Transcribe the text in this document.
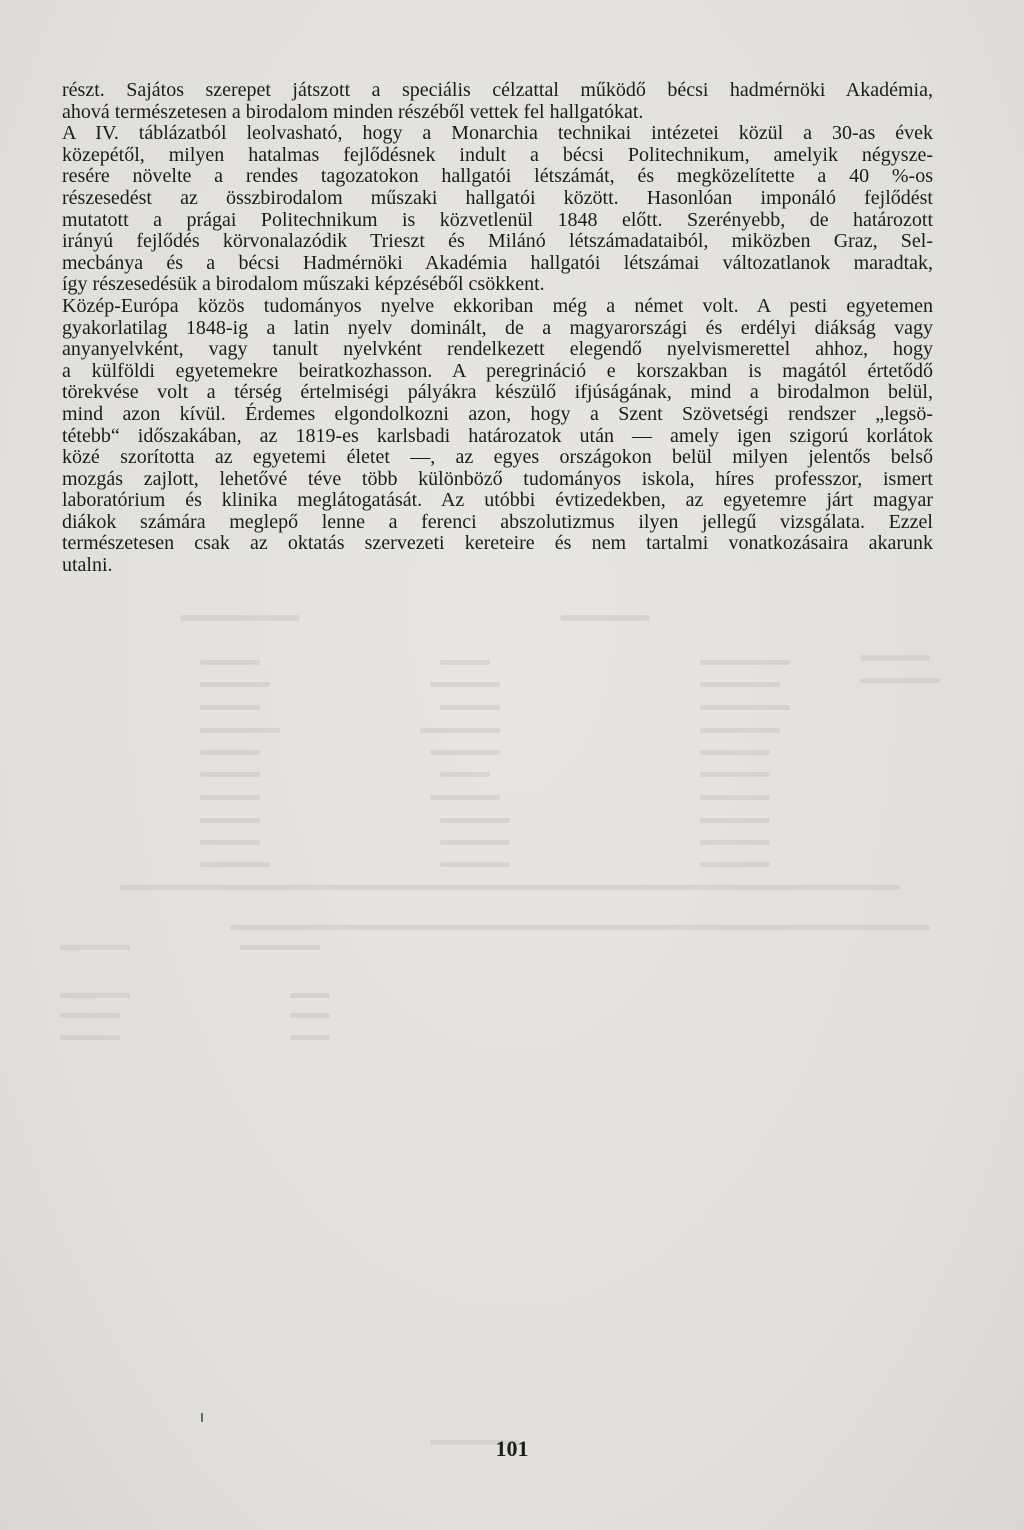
részt. Sajátos szerepet játszott a speciális célzattal működő bécsi hadmérnöki Akadémia,
ahová természetesen a birodalom minden részéből vettek fel hallgatókat.
A IV. táblázatból leolvasható, hogy a Monarchia technikai intézetei közül a 30-as évek
közepétől, milyen hatalmas fejlődésnek indult a bécsi Politechnikum, amelyik négysze-
resére növelte a rendes tagozatokon hallgatói létszámát, és megközelítette a 40 %-os
részesedést az összbirodalom műszaki hallgatói között. Hasonlóan imponáló fejlődést
mutatott a prágai Politechnikum is közvetlenül 1848 előtt. Szerényebb, de határozott
irányú fejlődés körvonalazódik Trieszt és Milánó létszámadataiból, miközben Graz, Sel-
mecbánya és a bécsi Hadmérnöki Akadémia hallgatói létszámai változatlanok maradtak,
így részesedésük a birodalom műszaki képzéséből csökkent.
Közép-Európa közös tudományos nyelve ekkoriban még a német volt. A pesti egyetemen
gyakorlatilag 1848-ig a latin nyelv dominált, de a magyarországi és erdélyi diákság vagy
anyanyelvként, vagy tanult nyelvként rendelkezett elegendő nyelvismerettel ahhoz, hogy
a külföldi egyetemekre beiratkozhasson. A peregrináció e korszakban is magától értetődő
törekvése volt a térség értelmiségi pályákra készülő ifjúságának, mind a birodalmon belül,
mind azon kívül. Érdemes elgondolkozni azon, hogy a Szent Szövetségi rendszer „legsö-
tétebb“ időszakában, az 1819-es karlsbadi határozatok után — amely igen szigorú korlátok
közé szorította az egyetemi életet —, az egyes országokon belül milyen jelentős belső
mozgás zajlott, lehetővé téve több különböző tudományos iskola, híres professzor, ismert
laboratórium és klinika meglátogatását. Az utóbbi évtizedekben, az egyetemre járt magyar
diákok számára meglepő lenne a ferenci abszolutizmus ilyen jellegű vizsgálata. Ezzel
természetesen csak az oktatás szervezeti kereteire és nem tartalmi vonatkozásaira akarunk
utalni.
101
